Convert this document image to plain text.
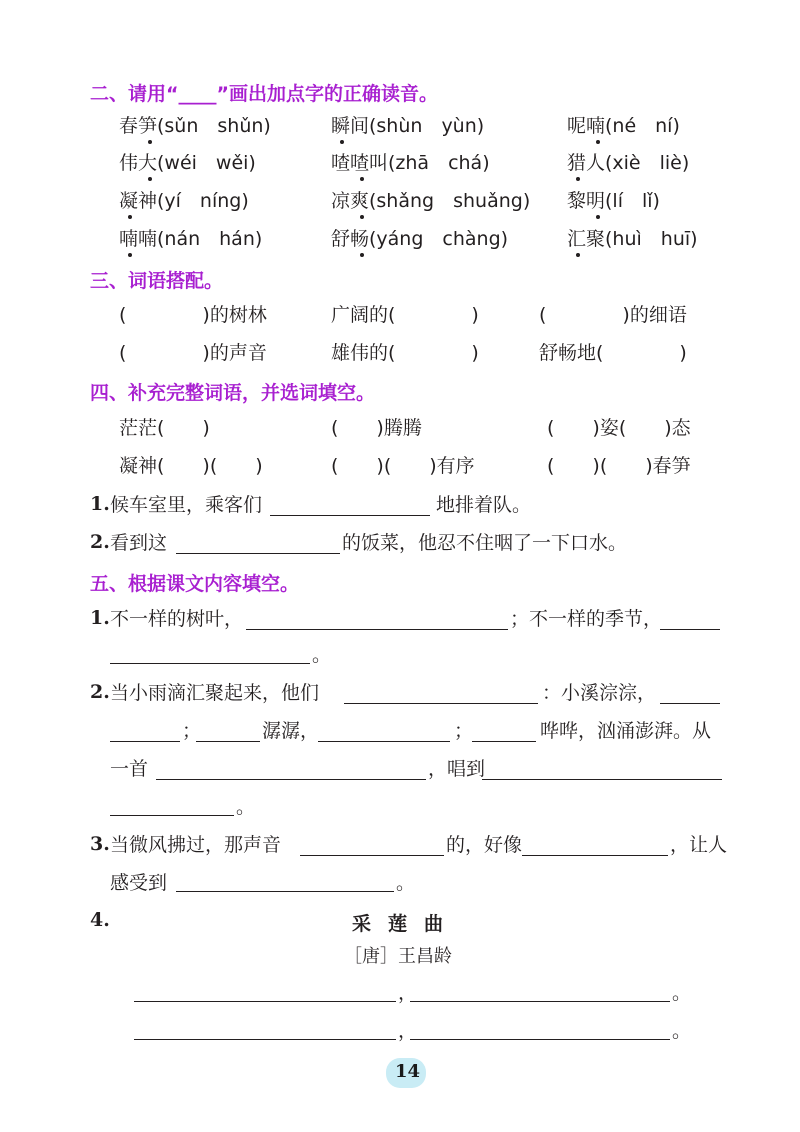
二、请用“____”画出加点字的正确读音。
春笋(sǔn　shǔn)	瞬间(shùn　yùn)	呢喃(né　ní)
伟大(wéi　wěi)	喳喳叫(zhā　chá)	猎人(xiè　liè)
凝神(yí　níng)	凉爽(shǎng　shuǎng) 黎明(lí　lǐ)
喃喃(nán　hán)	舒畅(yáng　chàng)	汇聚(huì　huī)
三、词语搭配。
(　　　　)的树林	广阔的(　　　　)	(　　　　)的细语
(　　　　)的声音	雄伟的(　　　　)	舒畅地(　　　　)
四、补充完整词语，并选词填空。
茫茫(　　)	(　　)腾腾	(　　)姿(　　)态
凝神(　　)(　　)	(　　)(　　)有序	(　　)(　　)春笋
1. 候车室里，乘客们	地排着队。
2. 看到这	的饭菜，他忍不住咽了一下口水。
五、根据课文内容填空。
1. 不一样的树叶，	；不一样的季节，
。
2. 当小雨滴汇聚起来，他们	：小溪淙淙，
；	潺潺，	；	哗哗，汹涌澎湃。从
一首	，唱到
。
3. 当微风拂过，那声音	的，好像	，让人
感受到	。
4.	采 莲 曲
［唐］王昌龄
，	。
，	。
14
